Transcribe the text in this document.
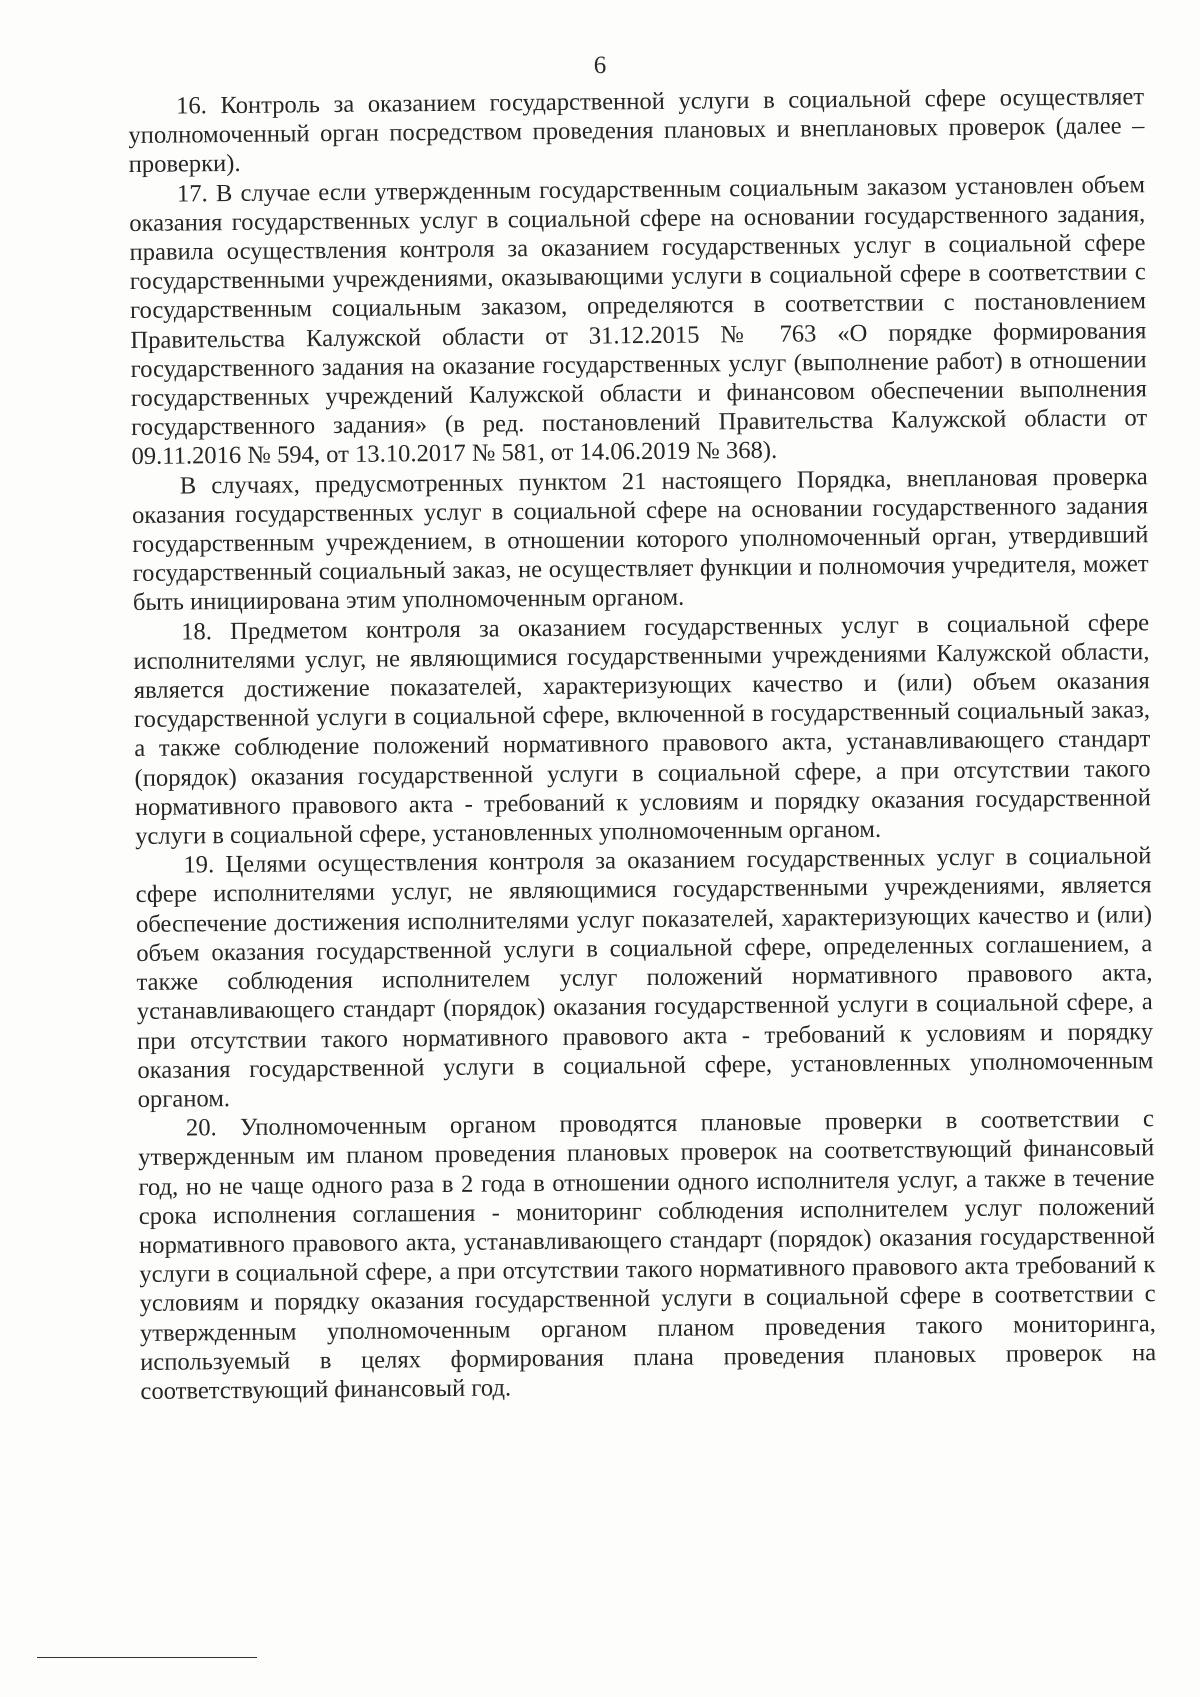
6

16. Контроль за оказанием государственной услуги в социальной сфере осуществляет уполномоченный орган посредством проведения плановых и внеплановых проверок (далее – проверки).

17. В случае если утвержденным государственным социальным заказом установлен объем оказания государственных услуг в социальной сфере на основании государственного задания, правила осуществления контроля за оказанием государственных услуг в социальной сфере государственными учреждениями, оказывающими услуги в социальной сфере в соответствии с государственным социальным заказом, определяются в соответствии с постановлением Правительства Калужской области от 31.12.2015 № 763 «О порядке формирования государственного задания на оказание государственных услуг (выполнение работ) в отношении государственных учреждений Калужской области и финансовом обеспечении выполнения государственного задания» (в ред. постановлений Правительства Калужской области от 09.11.2016 № 594, от 13.10.2017 № 581, от 14.06.2019 № 368).

В случаях, предусмотренных пунктом 21 настоящего Порядка, внеплановая проверка оказания государственных услуг в социальной сфере на основании государственного задания государственным учреждением, в отношении которого уполномоченный орган, утвердивший государственный социальный заказ, не осуществляет функции и полномочия учредителя, может быть инициирована этим уполномоченным органом.

18. Предметом контроля за оказанием государственных услуг в социальной сфере исполнителями услуг, не являющимися государственными учреждениями Калужской области, является достижение показателей, характеризующих качество и (или) объем оказания государственной услуги в социальной сфере, включенной в государственный социальный заказ, а также соблюдение положений нормативного правового акта, устанавливающего стандарт (порядок) оказания государственной услуги в социальной сфере, а при отсутствии такого нормативного правового акта - требований к условиям и порядку оказания государственной услуги в социальной сфере, установленных уполномоченным органом.

19. Целями осуществления контроля за оказанием государственных услуг в социальной сфере исполнителями услуг, не являющимися государственными учреждениями, является обеспечение достижения исполнителями услуг показателей, характеризующих качество и (или) объем оказания государственной услуги в социальной сфере, определенных соглашением, а также соблюдения исполнителем услуг положений нормативного правового акта, устанавливающего стандарт (порядок) оказания государственной услуги в социальной сфере, а при отсутствии такого нормативного правового акта - требований к условиям и порядку оказания государственной услуги в социальной сфере, установленных уполномоченным органом.

20. Уполномоченным органом проводятся плановые проверки в соответствии с утвержденным им планом проведения плановых проверок на соответствующий финансовый год, но не чаще одного раза в 2 года в отношении одного исполнителя услуг, а также в течение срока исполнения соглашения - мониторинг соблюдения исполнителем услуг положений нормативного правового акта, устанавливающего стандарт (порядок) оказания государственной услуги в социальной сфере, а при отсутствии такого нормативного правового акта требований к условиям и порядку оказания государственной услуги в социальной сфере в соответствии с утвержденным уполномоченным органом планом проведения такого мониторинга, используемый в целях формирования плана проведения плановых проверок на соответствующий финансовый год.
